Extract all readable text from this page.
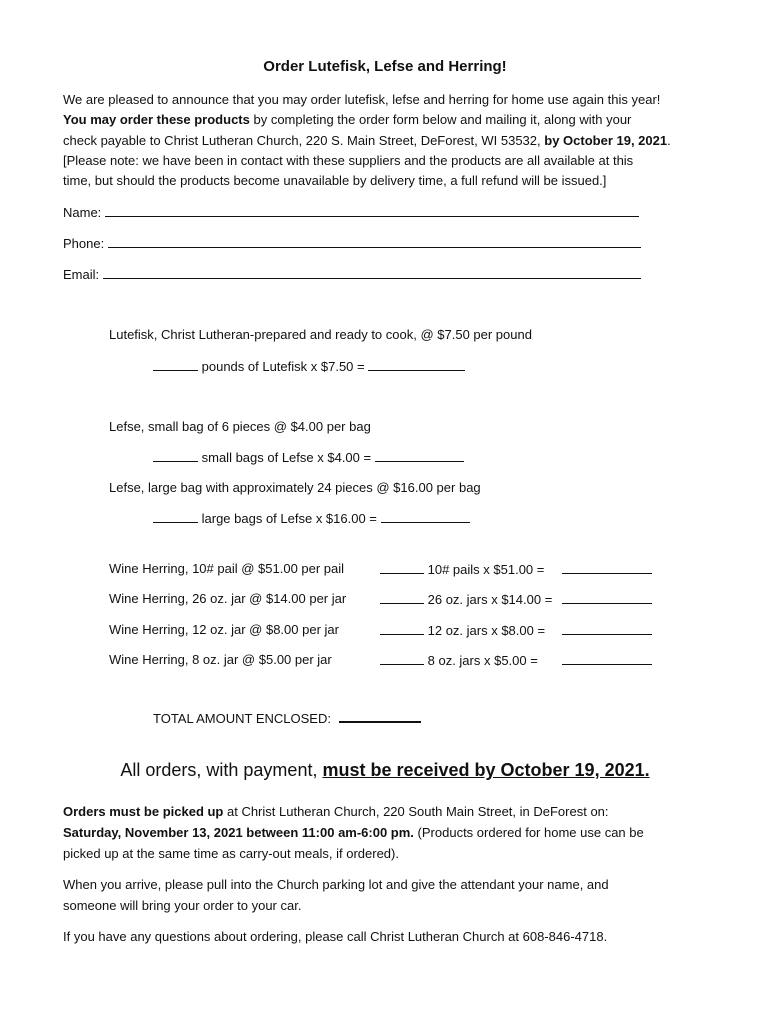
Order Lutefisk, Lefse and Herring!

We are pleased to announce that you may order lutefisk, lefse and herring for home use again this year!

You may order these products by completing the order form below and mailing it, along with your

check payable to Christ Lutheran Church, 220 S. Main Street, DeForest, WI 53532, by October 19, 2021.

[Please note: we have been in contact with these suppliers and the products are all available at this

time, but should the products become unavailable by delivery time, a full refund will be issued.]

Name:
Phone:
Email:
Lutefisk, Christ Lutheran-prepared and ready to cook, @ $7.50 per pound
pounds of Lutefisk x $7.50 =
Lefse, small bag of 6 pieces @ $4.00 per bag
small bags of Lefse x $4.00 =
Lefse, large bag with approximately 24 pieces @ $16.00 per bag
large bags of Lefse x $16.00 =
Wine Herring, 10# pail @ $51.00 per pail	10# pails x $51.00 =
Wine Herring, 26 oz. jar @ $14.00 per jar	26 oz. jars x $14.00 =
Wine Herring, 12 oz. jar @ $8.00 per jar	12 oz. jars x $8.00 =
Wine Herring, 8 oz. jar @ $5.00 per jar	8 oz. jars x $5.00 =
TOTAL AMOUNT ENCLOSED:
All orders, with payment, must be received by October 19, 2021.

Orders must be picked up at Christ Lutheran Church, 220 South Main Street, in DeForest on:

Saturday, November 13, 2021 between 11:00 am-6:00 pm. (Products ordered for home use can be

picked up at the same time as carry-out meals, if ordered).

When you arrive, please pull into the Church parking lot and give the attendant your name, and

someone will bring your order to your car.

If you have any questions about ordering, please call Christ Lutheran Church at 608-846-4718.
